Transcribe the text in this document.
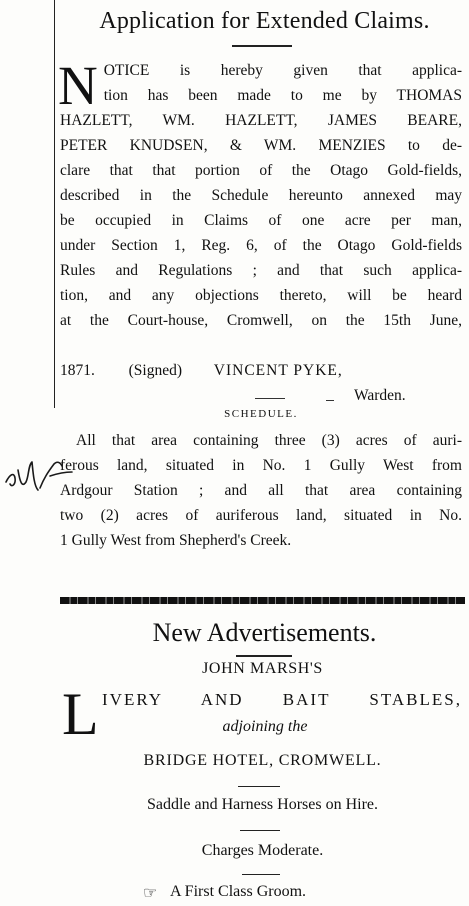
Application for Extended Claims.
N OTICE is hereby given that applica-
tion has been made to me by THOMAS
HAZLETT, WM. HAZLETT, JAMES BEARE,
PETER KNUDSEN, & WM. MENZIES to de-
clare that that portion of the Otago Gold-fields,
described in the Schedule hereunto annexed may
be occupied in Claims of one acre per man,
under Section 1, Reg. 6, of the Otago Gold-fields
Rules and Regulations ; and that such applica-
tion, and any objections thereto, will be heard
at the Court-house, Cromwell, on the 15th June,
1871. (Signed) VINCENT PYKE,
Warden.
SCHEDULE.
All that area containing three (3) acres of auri-
ferous land, situated in No. 1 Gully West from
Ardgour Station ; and all that area containing
two (2) acres of auriferous land, situated in No.
1 Gully West from Shepherd's Creek.
New Advertisements.
JOHN MARSH'S
L IVERY AND BAIT STABLES,
adjoining the
BRIDGE HOTEL, CROMWELL.
Saddle and Harness Horses on Hire.
Charges Moderate.
☞ A First Class Groom.
